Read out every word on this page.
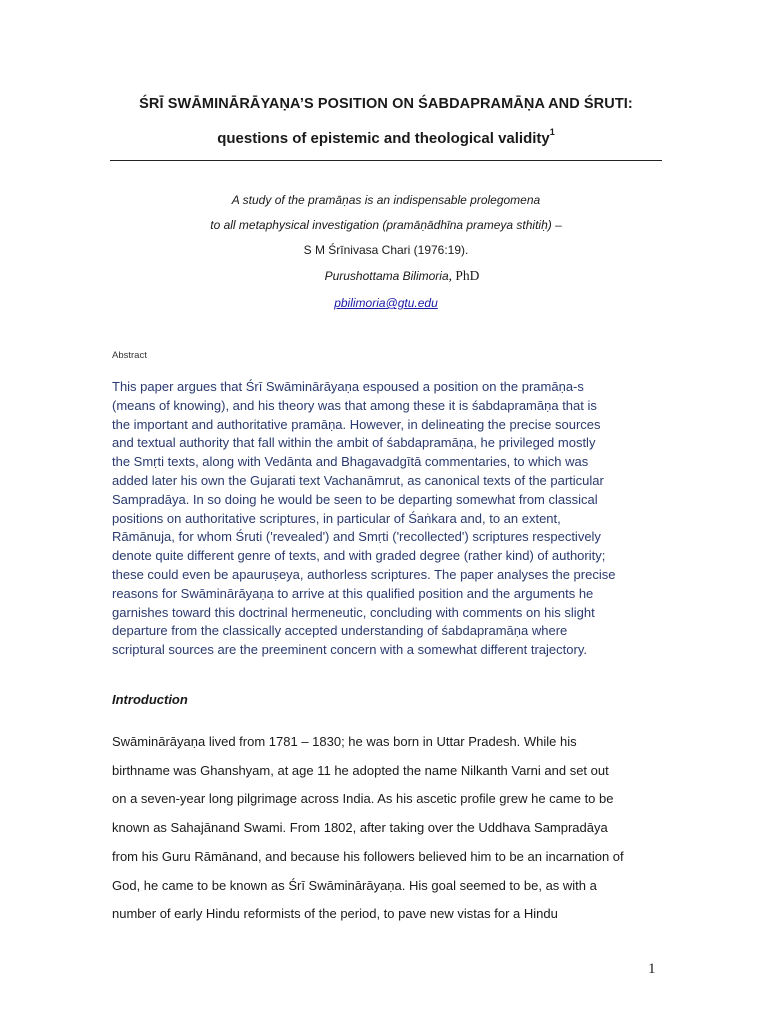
ŚRĪ SWĀMINĀRĀYAṆA’S POSITION ON ŚABDAPRAMĀṆA AND ŚRUTI:
questions of epistemic and theological validity$^1$
A study of the pramāṇas is an indispensable prolegomena
to all metaphysical investigation (pramāṇādhīna prameya sthitiḥ) –
S M Śrīnivasa Chari (1976:19).
Purushottama Bilimoria, PhD
pbilimoria@gtu.edu
Abstract
This paper argues that Śrī Swāminārāyaṇa espoused a position on the pramāṇa-s
(means of knowing), and his theory was that among these it is śabdapramāṇa that is
the important and authoritative pramāṇa. However, in delineating the precise sources
and textual authority that fall within the ambit of śabdapramāṇa, he privileged mostly
the Smṛti texts, along with Vedānta and Bhagavadgītā commentaries, to which was
added later his own the Gujarati text Vachanāmrut, as canonical texts of the particular
Sampradāya. In so doing he would be seen to be departing somewhat from classical
positions on authoritative scriptures, in particular of Śaṅkara and, to an extent,
Rāmānuja, for whom Śruti ('revealed') and Smṛti ('recollected') scriptures respectively
denote quite different genre of texts, and with graded degree (rather kind) of authority;
these could even be apauruṣeya, authorless scriptures. The paper analyses the precise
reasons for Swāminārāyaṇa to arrive at this qualified position and the arguments he
garnishes toward this doctrinal hermeneutic, concluding with comments on his slight
departure from the classically accepted understanding of śabdapramāṇa where
scriptural sources are the preeminent concern with a somewhat different trajectory.
Introduction
Swāminārāyaṇa lived from 1781 – 1830; he was born in Uttar Pradesh. While his
birthname was Ghanshyam, at age 11 he adopted the name Nilkanth Varni and set out
on a seven-year long pilgrimage across India. As his ascetic profile grew he came to be
known as Sahajānand Swami. From 1802, after taking over the Uddhava Sampradāya
from his Guru Rāmānand, and because his followers believed him to be an incarnation of
God, he came to be known as Śrī Swāminārāyaṇa. His goal seemed to be, as with a
number of early Hindu reformists of the period, to pave new vistas for a Hindu
1
